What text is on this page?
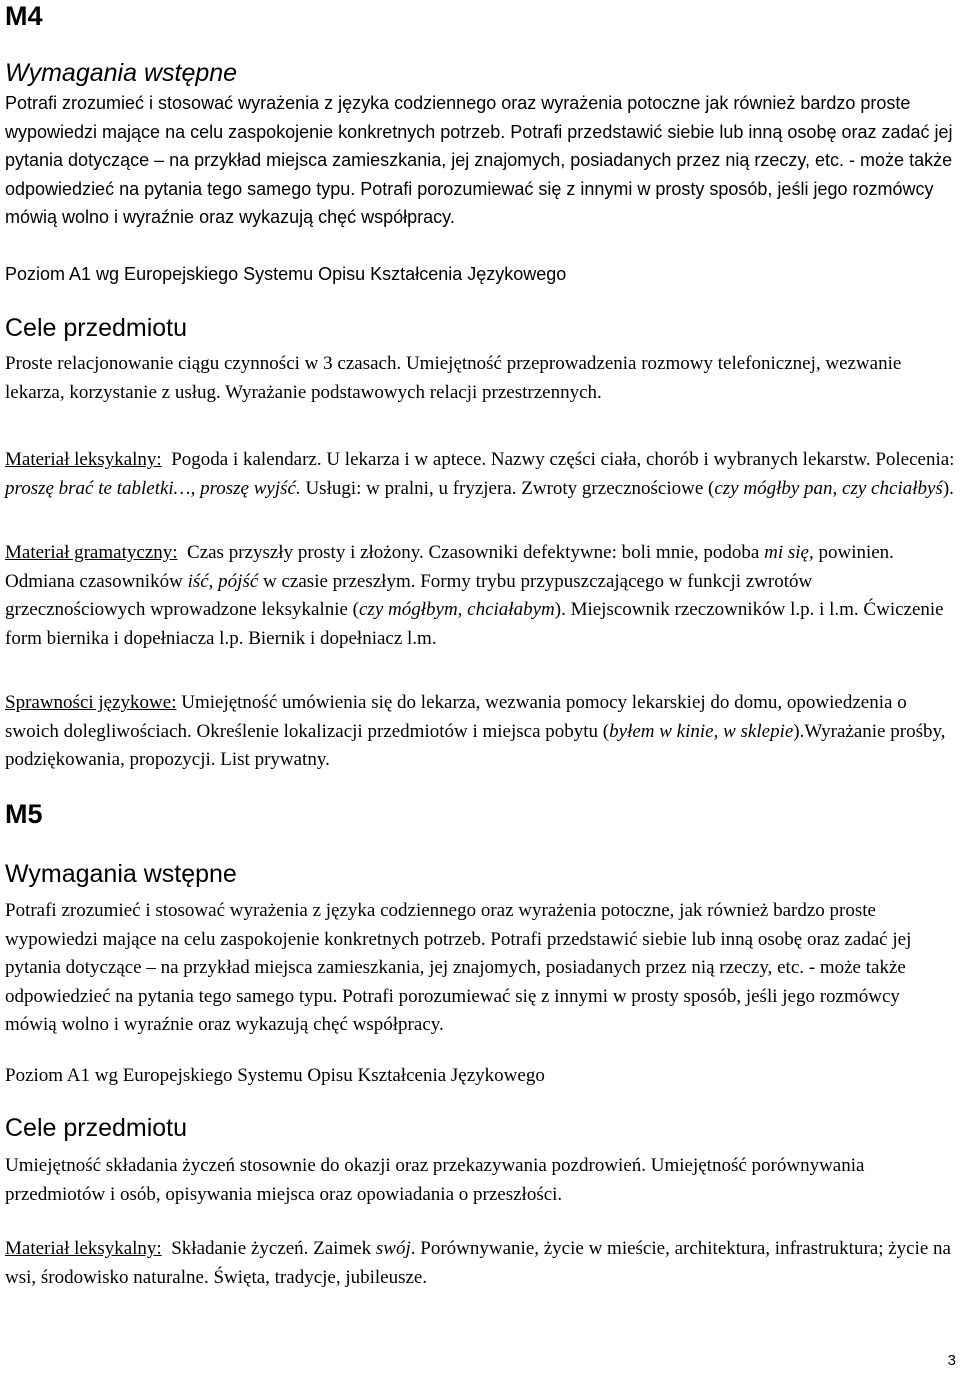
M4
Wymagania wstępne

Potrafi zrozumieć i stosować wyrażenia z języka codziennego oraz wyrażenia potoczne jak również bardzo proste wypowiedzi mające na celu zaspokojenie konkretnych potrzeb. Potrafi przedstawić siebie lub inną osobę oraz zadać jej pytania dotyczące – na przykład miejsca zamieszkania, jej znajomych, posiadanych przez nią rzeczy, etc. - może także odpowiedzieć na pytania tego samego typu. Potrafi porozumiewać się z innymi w prosty sposób, jeśli jego rozmówcy mówią wolno i wyraźnie oraz wykazują chęć współpracy.

Poziom A1 wg Europejskiego Systemu Opisu Kształcenia Językowego

Cele przedmiotu

Proste relacjonowanie ciągu czynności w 3 czasach. Umiejętność przeprowadzenia rozmowy telefonicznej, wezwanie lekarza, korzystanie z usług. Wyrażanie podstawowych relacji przestrzennych.

Materiał leksykalny: Pogoda i kalendarz. U lekarza i w aptece. Nazwy części ciała, chorób i wybranych lekarstw. Polecenia: proszę brać te tabletki…, proszę wyjść. Usługi: w pralni, u fryzjera. Zwroty grzecznościowe (czy mógłby pan, czy chciałbyś).

Materiał gramatyczny: Czas przyszły prosty i złożony. Czasowniki defektywne: boli mnie, podoba mi się, powinien. Odmiana czasowników iść, pójść w czasie przeszłym. Formy trybu przypuszczającego w funkcji zwrotów grzecznościowych wprowadzone leksykalnie (czy mógłbym, chciałabym). Miejscownik rzeczowników l.p. i l.m. Ćwiczenie form biernika i dopełniacza l.p. Biernik i dopełniacz l.m.

Sprawności językowe: Umiejętność umówienia się do lekarza, wezwania pomocy lekarskiej do domu, opowiedzenia o swoich dolegliwościach. Określenie lokalizacji przedmiotów i miejsca pobytu (byłem w kinie, w sklepie).Wyrażanie prośby, podziękowania, propozycji. List prywatny.

M5
Wymagania wstępne

Potrafi zrozumieć i stosować wyrażenia z języka codziennego oraz wyrażenia potoczne, jak również bardzo proste wypowiedzi mające na celu zaspokojenie konkretnych potrzeb. Potrafi przedstawić siebie lub inną osobę oraz zadać jej pytania dotyczące – na przykład miejsca zamieszkania, jej znajomych, posiadanych przez nią rzeczy, etc. - może także odpowiedzieć na pytania tego samego typu. Potrafi porozumiewać się z innymi w prosty sposób, jeśli jego rozmówcy mówią wolno i wyraźnie oraz wykazują chęć współpracy.

Poziom A1 wg Europejskiego Systemu Opisu Kształcenia Językowego

Cele przedmiotu

Umiejętność składania życzeń stosownie do okazji oraz przekazywania pozdrowień. Umiejętność porównywania przedmiotów i osób, opisywania miejsca oraz opowiadania o przeszłości.

Materiał leksykalny: Składanie życzeń. Zaimek swój. Porównywanie, życie w mieście, architektura, infrastruktura; życie na wsi, środowisko naturalne. Święta, tradycje, jubileusze.

3
